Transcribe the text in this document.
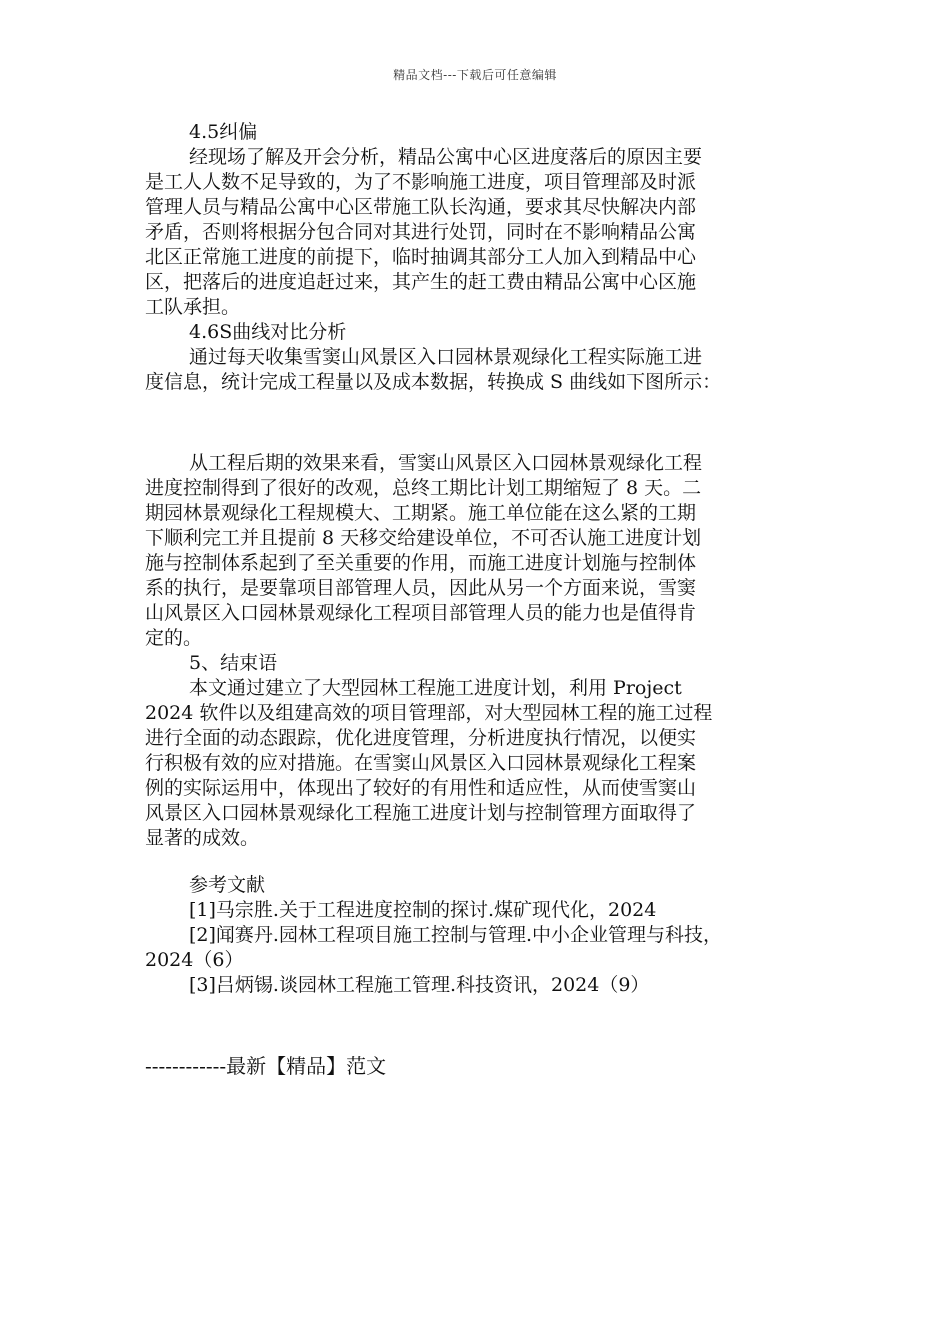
精品文档---下载后可任意编辑
4.5纠偏
经现场了解及开会分析，精品公寓中心区进度落后的原因主要
是工人人数不足导致的，为了不影响施工进度，项目管理部及时派
管理人员与精品公寓中心区带施工队长沟通，要求其尽快解决内部
矛盾，否则将根据分包合同对其进行处罚，同时在不影响精品公寓
北区正常施工进度的前提下，临时抽调其部分工人加入到精品中心
区，把落后的进度追赶过来，其产生的赶工费由精品公寓中心区施
工队承担。
4.6S曲线对比分析
通过每天收集雪窦山风景区入口园林景观绿化工程实际施工进
度信息，统计完成工程量以及成本数据，转换成 S 曲线如下图所示：
从工程后期的效果来看，雪窦山风景区入口园林景观绿化工程
进度控制得到了很好的改观，总终工期比计划工期缩短了 8 天。二
期园林景观绿化工程规模大、工期紧。施工单位能在这么紧的工期
下顺利完工并且提前 8 天移交给建设单位，不可否认施工进度计划
施与控制体系起到了至关重要的作用，而施工进度计划施与控制体
系的执行，是要靠项目部管理人员，因此从另一个方面来说，雪窦
山风景区入口园林景观绿化工程项目部管理人员的能力也是值得肯
定的。
5、结束语
本文通过建立了大型园林工程施工进度计划，利用 Project
2024 软件以及组建高效的项目管理部，对大型园林工程的施工过程
进行全面的动态跟踪，优化进度管理，分析进度执行情况，以便实
行积极有效的应对措施。在雪窦山风景区入口园林景观绿化工程案
例的实际运用中，体现出了较好的有用性和适应性，从而使雪窦山
风景区入口园林景观绿化工程施工进度计划与控制管理方面取得了
显著的成效。
参考文献
[1]马宗胜.关于工程进度控制的探讨.煤矿现代化，2024
[2]闻赛丹.园林工程项目施工控制与管理.中小企业管理与科技，
2024（6）
[3]吕炳锡.谈园林工程施工管理.科技资讯，2024（9）
------------最新【精品】范文
